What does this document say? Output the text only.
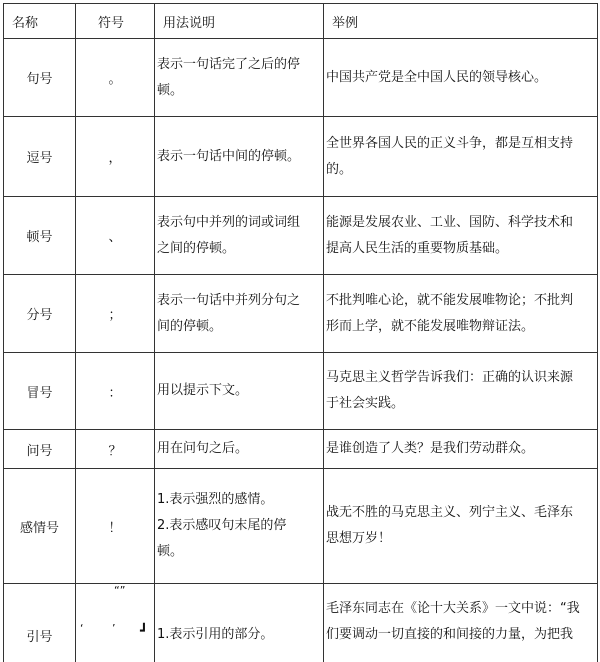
名称	符号	用法说明	举例
句号	。	表示一句话完了之后的停
顿。	中国共产党是全中国人民的领导核心。

逗号	，	表示一句话中间的停顿。	全世界各国人民的正义斗争，都是互相支持
的。

顿号	、	表示句中并列的词或词组
之间的停顿。	能源是发展农业、工业、国防、科学技术和
提高人民生活的重要物质基础。

分号	；	表示一句话中并列分句之
间的停顿。	不批判唯心论，就不能发展唯物论；不批判
形而上学，就不能发展唯物辩证法。

冒号	：	用以提示下文。	马克思主义哲学告诉我们：正确的认识来源
于社会实践。

问号	？	用在问句之后。	是谁创造了人类？是我们劳动群众。

感情号	！	1.表示强烈的感情。
2.表示感叹句末尾的停
顿。	战无不胜的马克思主义、列宁主义、毛泽东
思想万岁！

引号	“”
‘ ’ ┛	1.表示引用的部分。	毛泽东同志在《论十大关系》一文中说：“我
们要调动一切直接的和间接的力量，为把我
